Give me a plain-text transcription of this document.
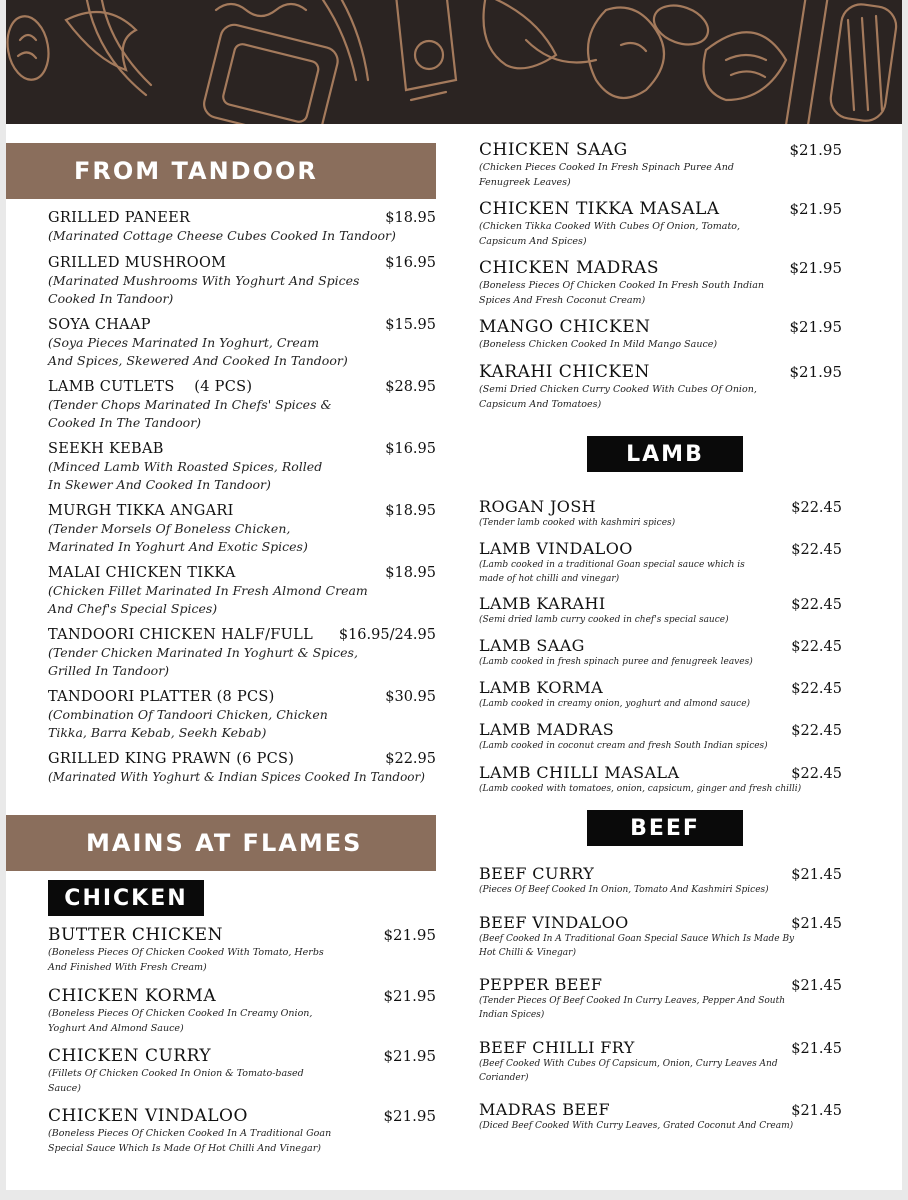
FROM TANDOOR
GRILLED PANEER	$18.95
(Marinated Cottage Cheese Cubes Cooked In Tandoor)
GRILLED MUSHROOM	$16.95
(Marinated Mushrooms With Yoghurt And Spices Cooked In Tandoor)
SOYA CHAAP	$15.95
(Soya Pieces Marinated In Yoghurt, Cream And Spices, Skewered And Cooked In Tandoor)
LAMB CUTLETS    (4 PCS)	$28.95
(Tender Chops Marinated In Chefs' Spices & Cooked In The Tandoor)
SEEKH KEBAB	$16.95
(Minced Lamb With Roasted Spices, Rolled In Skewer And Cooked In Tandoor)
MURGH TIKKA ANGARI	$18.95
(Tender Morsels Of Boneless Chicken, Marinated In Yoghurt And Exotic Spices)
MALAI CHICKEN TIKKA	$18.95
(Chicken Fillet Marinated In Fresh Almond Cream And Chef's Special Spices)
TANDOORI CHICKEN HALF/FULL $16.95/24.95
(Tender Chicken Marinated In Yoghurt & Spices, Grilled In Tandoor)
TANDOORI PLATTER (8 PCS)	$30.95
(Combination Of Tandoori Chicken, Chicken Tikka, Barra Kebab, Seekh Kebab)
GRILLED KING PRAWN (6 PCS)	$22.95
(Marinated With Yoghurt & Indian Spices Cooked In Tandoor)
MAINS AT FLAMES
CHICKEN
BUTTER CHICKEN	$21.95
(Boneless Pieces Of Chicken Cooked With Tomato, Herbs And Finished With Fresh Cream)
CHICKEN KORMA	$21.95
(Boneless Pieces Of Chicken Cooked In Creamy Onion, Yoghurt And Almond Sauce)
CHICKEN CURRY	$21.95
(Fillets Of Chicken Cooked In Onion & Tomato-based Sauce)
CHICKEN VINDALOO	$21.95
(Boneless Pieces Of Chicken Cooked In A Traditional Goan Special Sauce Which Is Made Of Hot Chilli And Vinegar)
CHICKEN SAAG	$21.95
(Chicken Pieces Cooked In Fresh Spinach Puree And Fenugreek Leaves)
CHICKEN TIKKA MASALA	$21.95
(Chicken Tikka Cooked With Cubes Of Onion, Tomato, Capsicum And Spices)
CHICKEN MADRAS	$21.95
(Boneless Pieces Of Chicken Cooked In Fresh South Indian Spices And Fresh Coconut Cream)
MANGO CHICKEN	$21.95
(Boneless Chicken Cooked In Mild Mango Sauce)
KARAHI CHICKEN	$21.95
(Semi Dried Chicken Curry Cooked With Cubes Of Onion, Capsicum And Tomatoes)
LAMB
ROGAN JOSH	$22.45
(Tender lamb cooked with kashmiri spices)
LAMB VINDALOO	$22.45
(Lamb cooked in a traditional Goan special sauce which is made of hot chilli and vinegar)
LAMB KARAHI	$22.45
(Semi dried lamb curry cooked in chef's special sauce)
LAMB SAAG	$22.45
(Lamb cooked in fresh spinach puree and fenugreek leaves)
LAMB KORMA	$22.45
(Lamb cooked in creamy onion, yoghurt and almond sauce)
LAMB MADRAS	$22.45
(Lamb cooked in coconut cream and fresh South Indian spices)
LAMB CHILLI MASALA	$22.45
(Lamb cooked with tomatoes, onion, capsicum, ginger and fresh chilli)
BEEF
BEEF CURRY	$21.45
(Pieces Of Beef Cooked In Onion, Tomato And Kashmiri Spices)
BEEF VINDALOO	$21.45
(Beef Cooked In A Traditional Goan Special Sauce Which Is Made By Hot Chilli & Vinegar)
PEPPER BEEF	$21.45
(Tender Pieces Of Beef Cooked In Curry Leaves, Pepper And South Indian Spices)
BEEF CHILLI FRY	$21.45
(Beef Cooked With Cubes Of Capsicum, Onion, Curry Leaves And Coriander)
MADRAS BEEF	$21.45
(Diced Beef Cooked With Curry Leaves, Grated Coconut And Cream)
